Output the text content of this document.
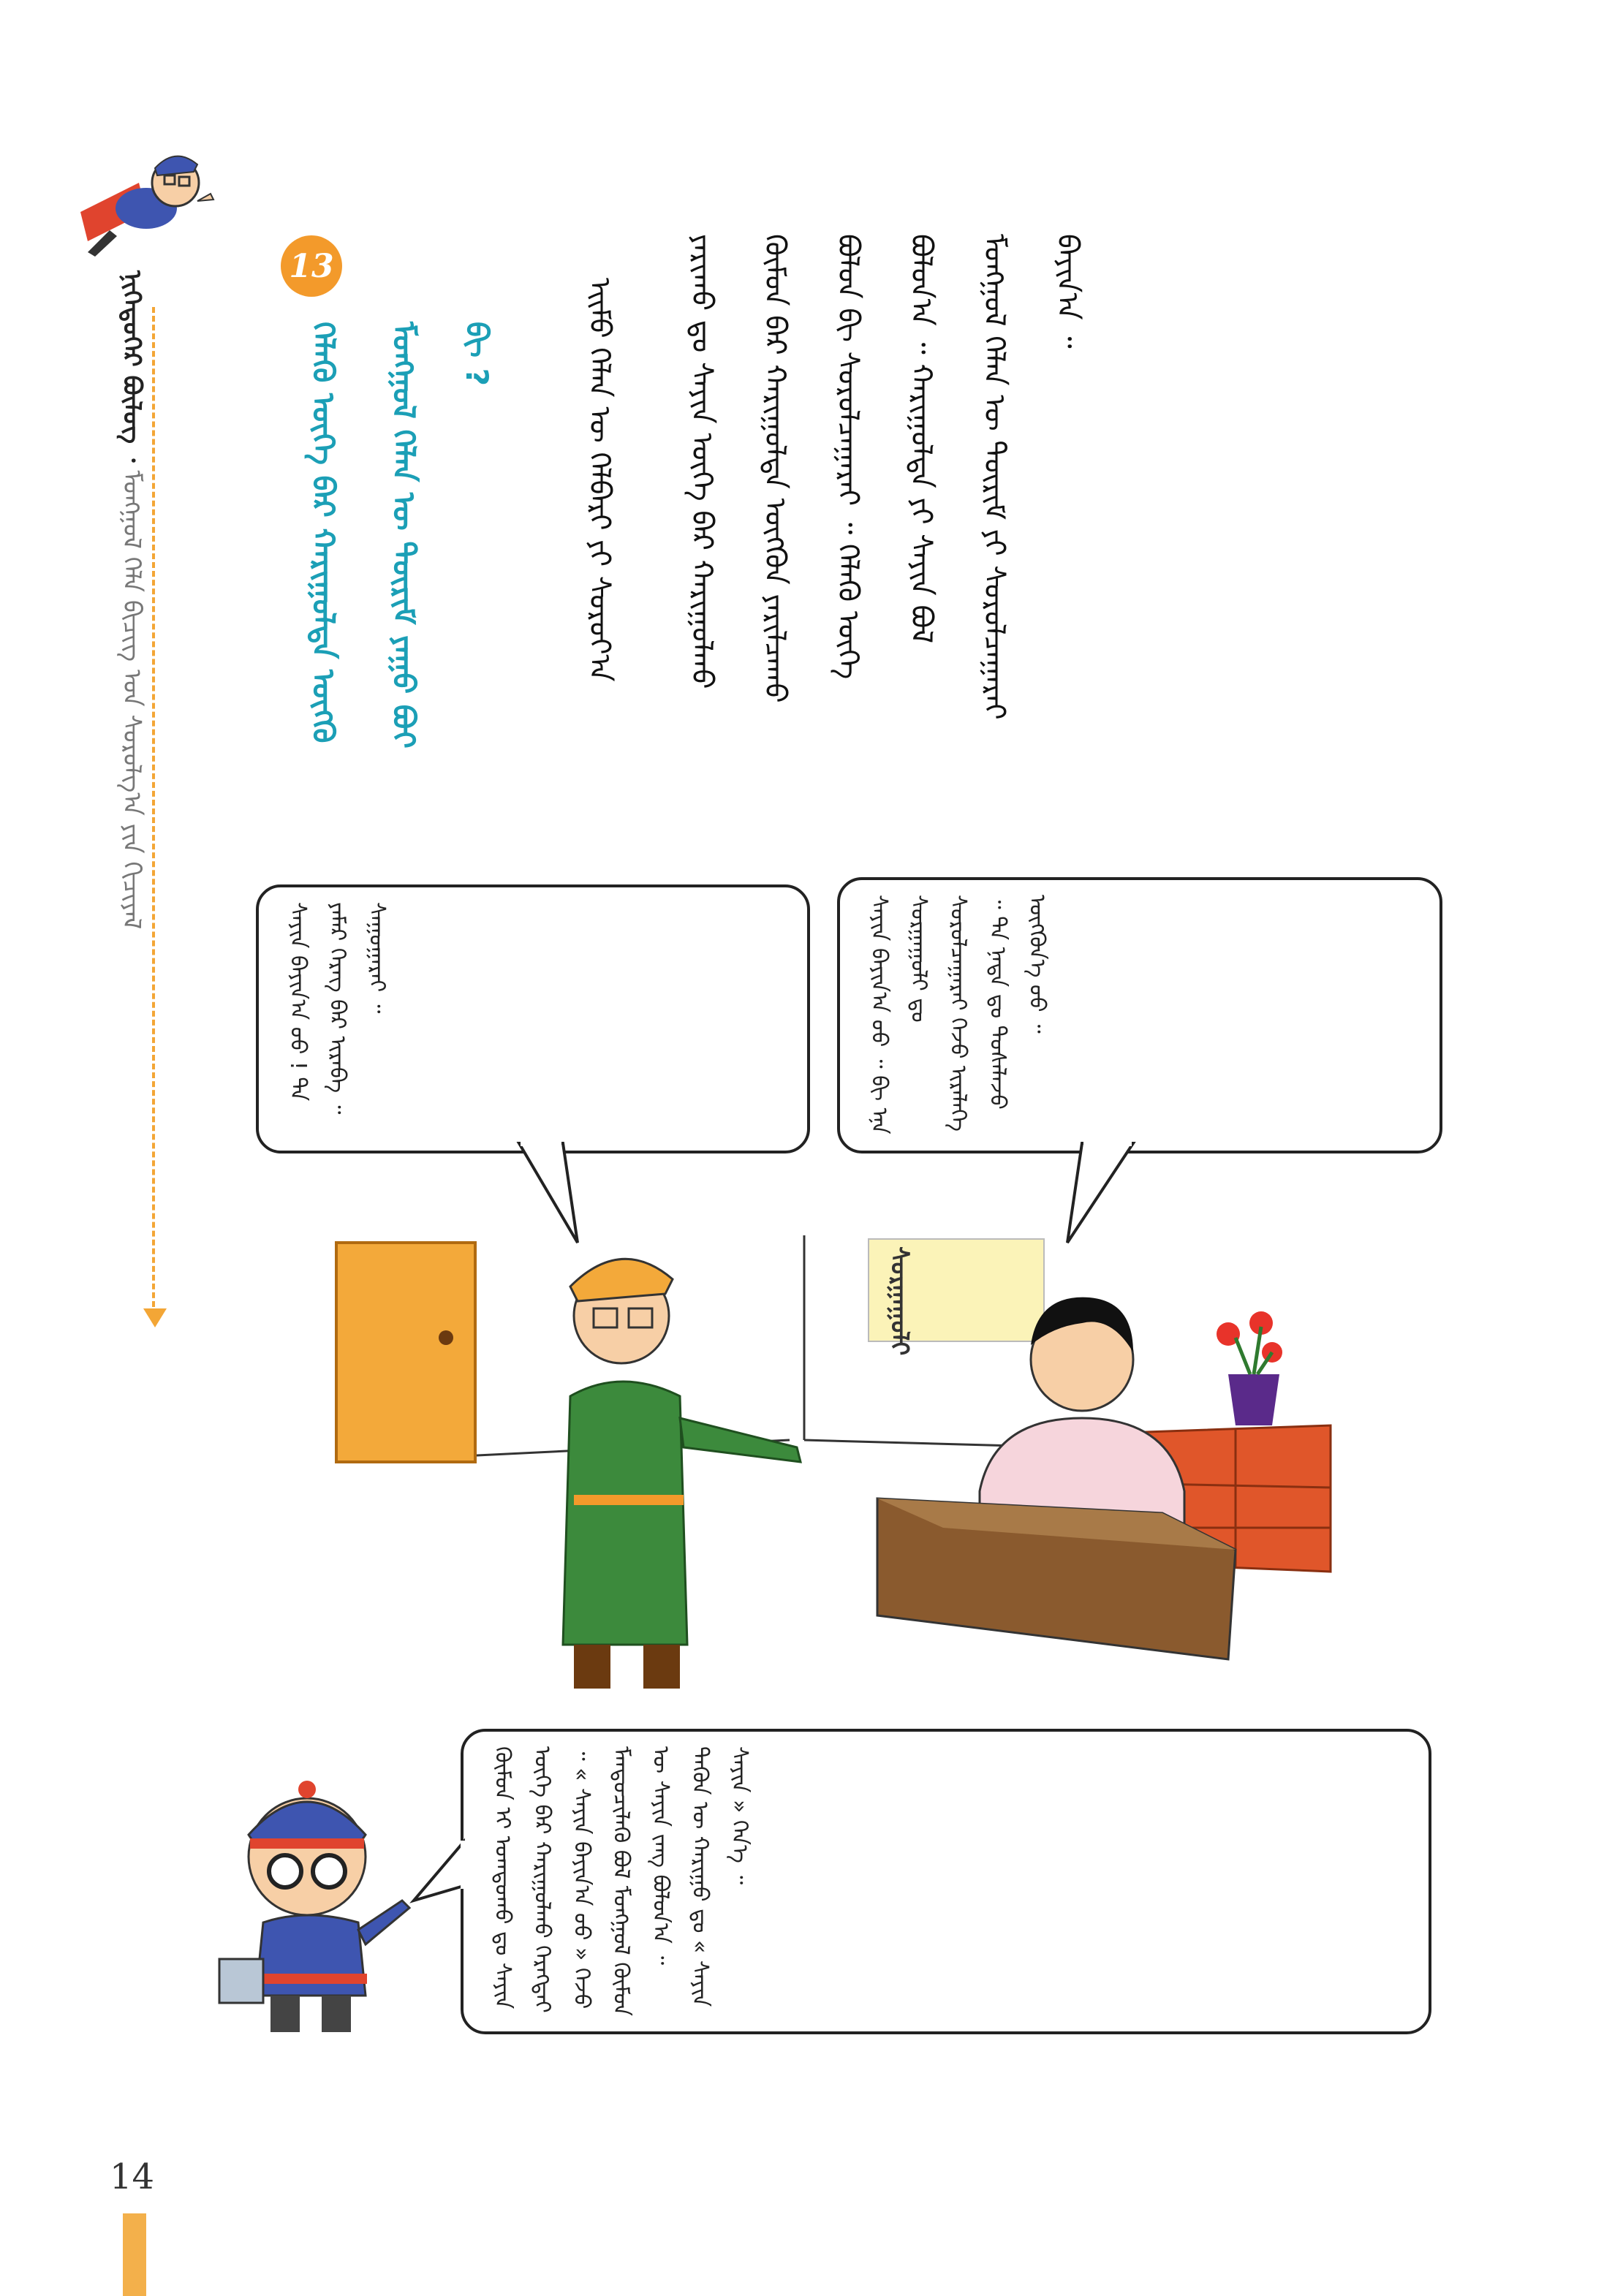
ᠨᠢᠭᠡᠳᠦᠭᠡᠷ ᠪᠦᠯᠦᠭ ᠂ ᠮᠣᠩᠭᠣᠯ ᠬᠡᠯᠡ ᠪᠢᠴᠢᠭ ᠤᠨ ᠰᠤᠷᠤᠯᠭ᠎ᠠ ᠶᠢᠨ ᠬᠢᠴᠢᠶᠡᠯ
13
ᠪᠢ ?
ᠮᠣᠩᠭᠣᠯ ᠬᠡᠯᠡᠨ ᠦ ᠳᠦᠷᠢᠮ ᠶᠠᠭᠤ ᠪᠤᠢ
ᠬᠡᠯᠡᠬᠦ ᠦᠭᠡ ᠪᠡᠷ ᠬᠠᠷᠢᠭᠤᠯᠲᠠ ᠦᠭᠬᠦ
ᠪᠠᠶᠢᠨ᠎ᠠ ᠃
ᠮᠣᠩᠭᠣᠯ ᠬᠡᠯᠡᠨ ᠦ ᠳᠦᠷᠢᠮ ᠶᠢ ᠰᠤᠷᠤᠯᠴᠠᠭᠠᠷᠠᠢ
ᠪᠣᠯᠤᠨ᠎ᠠ ᠃ ᠬᠠᠷᠢᠭᠤᠯᠲᠠ ᠶᠢ ᠰᠠᠶᠢᠨ ᠪᠣᠯ
ᠪᠣᠯᠤᠨ ᠪᠢ ᠰᠤᠷᠤᠯᠴᠠᠭᠠᠷᠠᠢ ᠃ ᠬᠡᠯᠡᠬᠦ ᠦᠭᠡ
ᠬᠦᠮᠦᠨ ᠪᠡᠷ ᠬᠠᠷᠢᠭᠤᠯᠲᠠ ᠦᠭᠭᠦᠨ ᠶᠠᠷᠢᠯᠴᠠᠬᠤ
ᠶᠠᠷᠢᠬᠤ ᠳᠤ ᠰᠠᠶᠢᠨ ᠦᠭᠡ ᠪᠡᠷ ᠬᠠᠷᠢᠭᠤᠯᠬᠤ
ᠡᠢᠮᠦ ᠬᠡᠯᠡᠨ ᠦ ᠬᠡᠯᠪᠡᠷᠢ ᠶᠢ ᠰᠤᠷᠤᠶ᠎ᠠ
ᠰᠠᠶᠢᠨ ᠪᠠᠶᠢᠨ᠎ᠠ ᠤᠤ ! ᠲᠠ ᠶᠠᠮᠠᠷ ᠬᠡᠷᠡᠭ ᠪᠡᠷ ᠢᠷᠡᠪᠡ ᠃ ᠰᠠᠭᠤᠭᠠᠷᠠᠢ ᠃	ᠰᠠᠶᠢᠨ ᠪᠠᠶᠢᠨ᠎ᠠ ᠤᠤ ᠃ ᠪᠢ ᠡᠨᠡ ᠰᠤᠷᠭᠠᠭᠤᠯᠢ ᠳᠤ ᠰᠤᠷᠤᠯᠴᠠᠭᠠᠷᠠᠢ ᠭᠡᠵᠦ ᠢᠷᠡᠯᠡᠭᠡ ᠃ ᠲᠠ ᠨᠠᠳᠠ ᠳᠤ ᠲᠤᠰᠠᠯᠠᠵᠤ ᠦᠭᠭᠦᠨ᠎ᠡ ᠦᠦ ᠃
ᠰᠤᠷᠭᠠᠭᠤᠯᠢ
ᠬᠦᠮᠦᠨ ᠢ ᠤᠭᠲᠤᠬᠤ ᠳᠤ ᠰᠠᠶᠢᠨ ᠦᠭᠡ ᠪᠡᠷ ᠬᠠᠷᠢᠭᠤᠯᠬᠤ ᠬᠡᠷᠡᠭᠲᠡᠢ ᠃ « ᠰᠠᠶᠢᠨ ᠪᠠᠶᠢᠨ᠎ᠠ ᠤᠤ » ᠭᠡᠵᠦ ᠮᠡᠨᠳᠦᠴᠢᠯᠡᠬᠦ ᠪᠣᠯ ᠮᠣᠩᠭᠣᠯ ᠬᠦᠮᠦᠨ ᠦ ᠰᠠᠶᠢᠨ ᠵᠠᠩ ᠪᠣᠯᠤᠨ᠎ᠠ ᠃ ᠲᠡᠭᠦᠨ ᠦ ᠬᠠᠷᠢᠭᠤ ᠳᠤ « ᠰᠠᠶᠢᠨ ᠰᠠᠶᠢᠨ » ᠭᠡᠨ᠎ᠡ ᠃
14
